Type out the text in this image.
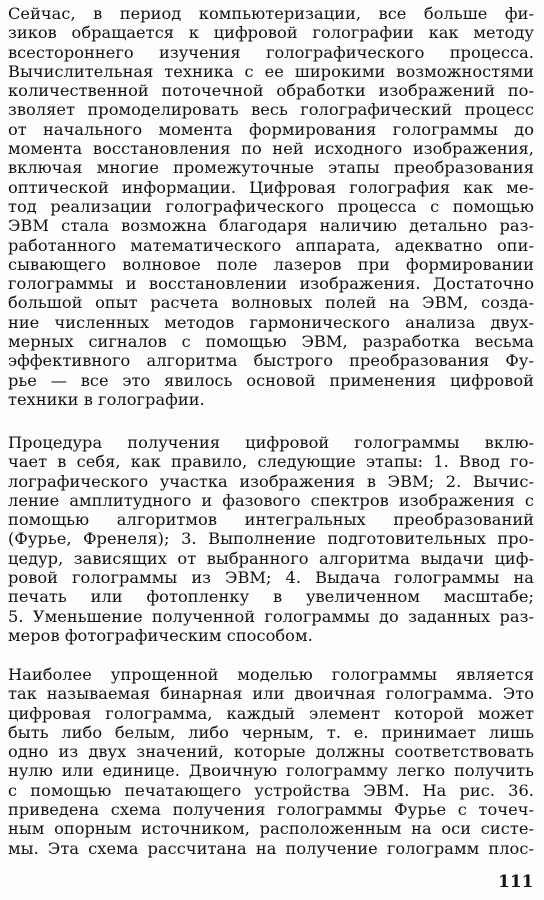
Сейчас, в период компьютеризации, все больше фи-
зиков обращается к цифровой голографии как методу
всестороннего изучения голографического процесса.
Вычислительная техника с ее широкими возможностями
количественной поточечной обработки изображений по-
зволяет промоделировать весь голографический процесс
от начального момента формирования голограммы до
момента восстановления по ней исходного изображения,
включая многие промежуточные этапы преобразования
оптической информации. Цифровая голография как ме-
тод реализации голографического процесса с помощью
ЭВМ стала возможна благодаря наличию детально раз-
работанного математического аппарата, адекватно опи-
сывающего волновое поле лазеров при формировании
голограммы и восстановлении изображения. Достаточно
большой опыт расчета волновых полей на ЭВМ, созда-
ние численных методов гармонического анализа двух-
мерных сигналов с помощью ЭВМ, разработка весьма
эффективного алгоритма быстрого преобразования Фу-
рье — все это явилось основой применения цифровой
техники в голографии.
Процедура получения цифровой голограммы вклю-
чает в себя, как правило, следующие этапы: 1. Ввод го-
лографического участка изображения в ЭВМ; 2. Вычис-
ление амплитудного и фазового спектров изображения с
помощью алгоритмов интегральных преобразований
(Фурье, Френеля); 3. Выполнение подготовительных про-
цедур, зависящих от выбранного алгоритма выдачи циф-
ровой голограммы из ЭВМ; 4. Выдача голограммы на
печать или фотопленку в увеличенном масштабе;
5. Уменьшение полученной голограммы до заданных раз-
меров фотографическим способом.
Наиболее упрощенной моделью голограммы является
так называемая бинарная или двоичная голограмма. Это
цифровая голограмма, каждый элемент которой может
быть либо белым, либо черным, т. е. принимает лишь
одно из двух значений, которые должны соответствовать
нулю или единице. Двоичную голограмму легко получить
с помощью печатающего устройства ЭВМ. На рис. 36.
приведена схема получения голограммы Фурье с точеч-
ным опорным источником, расположенным на оси систе-
мы. Эта схема рассчитана на получение голограмм плос-
111
